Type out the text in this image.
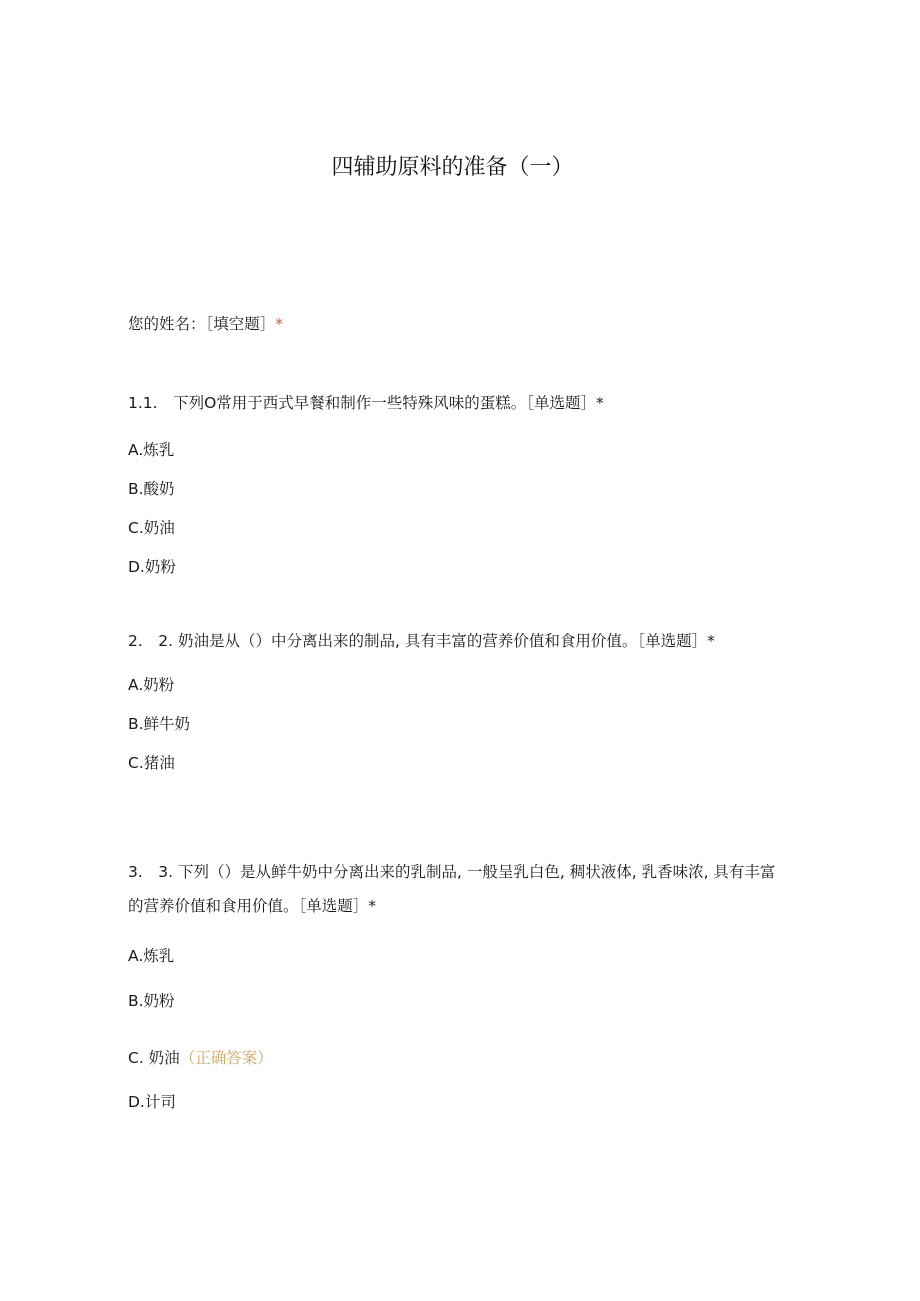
四辅助原料的准备（一）
您的姓名：［填空题］*
1.1.　下列O常用于西式早餐和制作一些特殊风味的蛋糕。［单选题］*
A.炼乳
B.酸奶
C.奶油
D.奶粉
2.　2. 奶油是从（）中分离出来的制品, 具有丰富的营养价值和食用价值。［单选题］*
A.奶粉
B.鲜牛奶
C.猪油
3.　3. 下列（）是从鲜牛奶中分离出来的乳制品, 一般呈乳白色, 稠状液体, 乳香味浓, 具有丰富的营养价值和食用价值。［单选题］*
A.炼乳
B.奶粉
C. 奶油（正确答案）
D.计司
